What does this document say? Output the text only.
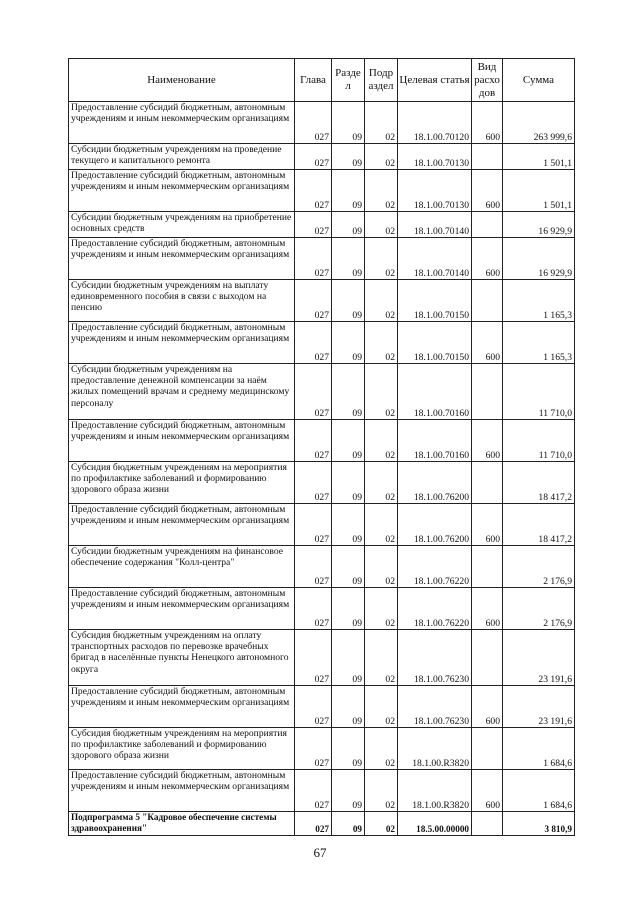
Наименование	Глава	Разде л	Подр аздел	Целевая статья	Вид расхо дов	Сумма
Предоставление субсидий бюджетным, автономным учреждениям и иным некоммерческим организациям	027	09	02	18.1.00.70120	600	263 999,6
Субсидии бюджетным учреждениям на проведение текущего и капитального ремонта	027	09	02	18.1.00.70130		1 501,1
Предоставление субсидий бюджетным, автономным учреждениям и иным некоммерческим организациям	027	09	02	18.1.00.70130	600	1 501,1
Субсидии бюджетным учреждениям на приобретение основных средств	027	09	02	18.1.00.70140		16 929,9
Предоставление субсидий бюджетным, автономным учреждениям и иным некоммерческим организациям	027	09	02	18.1.00.70140	600	16 929,9
Субсидии бюджетным учреждениям на выплату единовременного пособия в связи с выходом на пенсию	027	09	02	18.1.00.70150		1 165,3
Предоставление субсидий бюджетным, автономным учреждениям и иным некоммерческим организациям	027	09	02	18.1.00.70150	600	1 165,3
Субсидии бюджетным учреждениям на предоставление денежной компенсации за наём жилых помещений врачам и среднему медицинскому персоналу	027	09	02	18.1.00.70160		11 710,0
Предоставление субсидий бюджетным, автономным учреждениям и иным некоммерческим организациям	027	09	02	18.1.00.70160	600	11 710,0
Субсидия бюджетным учреждениям на мероприятия по профилактике заболеваний и формированию здорового образа жизни	027	09	02	18.1.00.76200		18 417,2
Предоставление субсидий бюджетным, автономным учреждениям и иным некоммерческим организациям	027	09	02	18.1.00.76200	600	18 417,2
Субсидии бюджетным учреждениям на финансовое обеспечение содержания "Колл-центра"	027	09	02	18.1.00.76220		2 176,9
Предоставление субсидий бюджетным, автономным учреждениям и иным некоммерческим организациям	027	09	02	18.1.00.76220	600	2 176,9
Субсидия бюджетным учреждениям на оплату транспортных расходов по перевозке врачебных бригад в населённые пункты Ненецкого автономного округа	027	09	02	18.1.00.76230		23 191,6
Предоставление субсидий бюджетным, автономным учреждениям и иным некоммерческим организациям	027	09	02	18.1.00.76230	600	23 191,6
Субсидия бюджетным учреждениям на мероприятия по профилактике заболеваний и формированию здорового образа жизни	027	09	02	18.1.00.R3820		1 684,6
Предоставление субсидий бюджетным, автономным учреждениям и иным некоммерческим организациям	027	09	02	18.1.00.R3820	600	1 684,6
Подпрограмма 5 "Кадровое обеспечение системы здравоохранения"	027	09	02	18.5.00.00000		3 810,9
67
